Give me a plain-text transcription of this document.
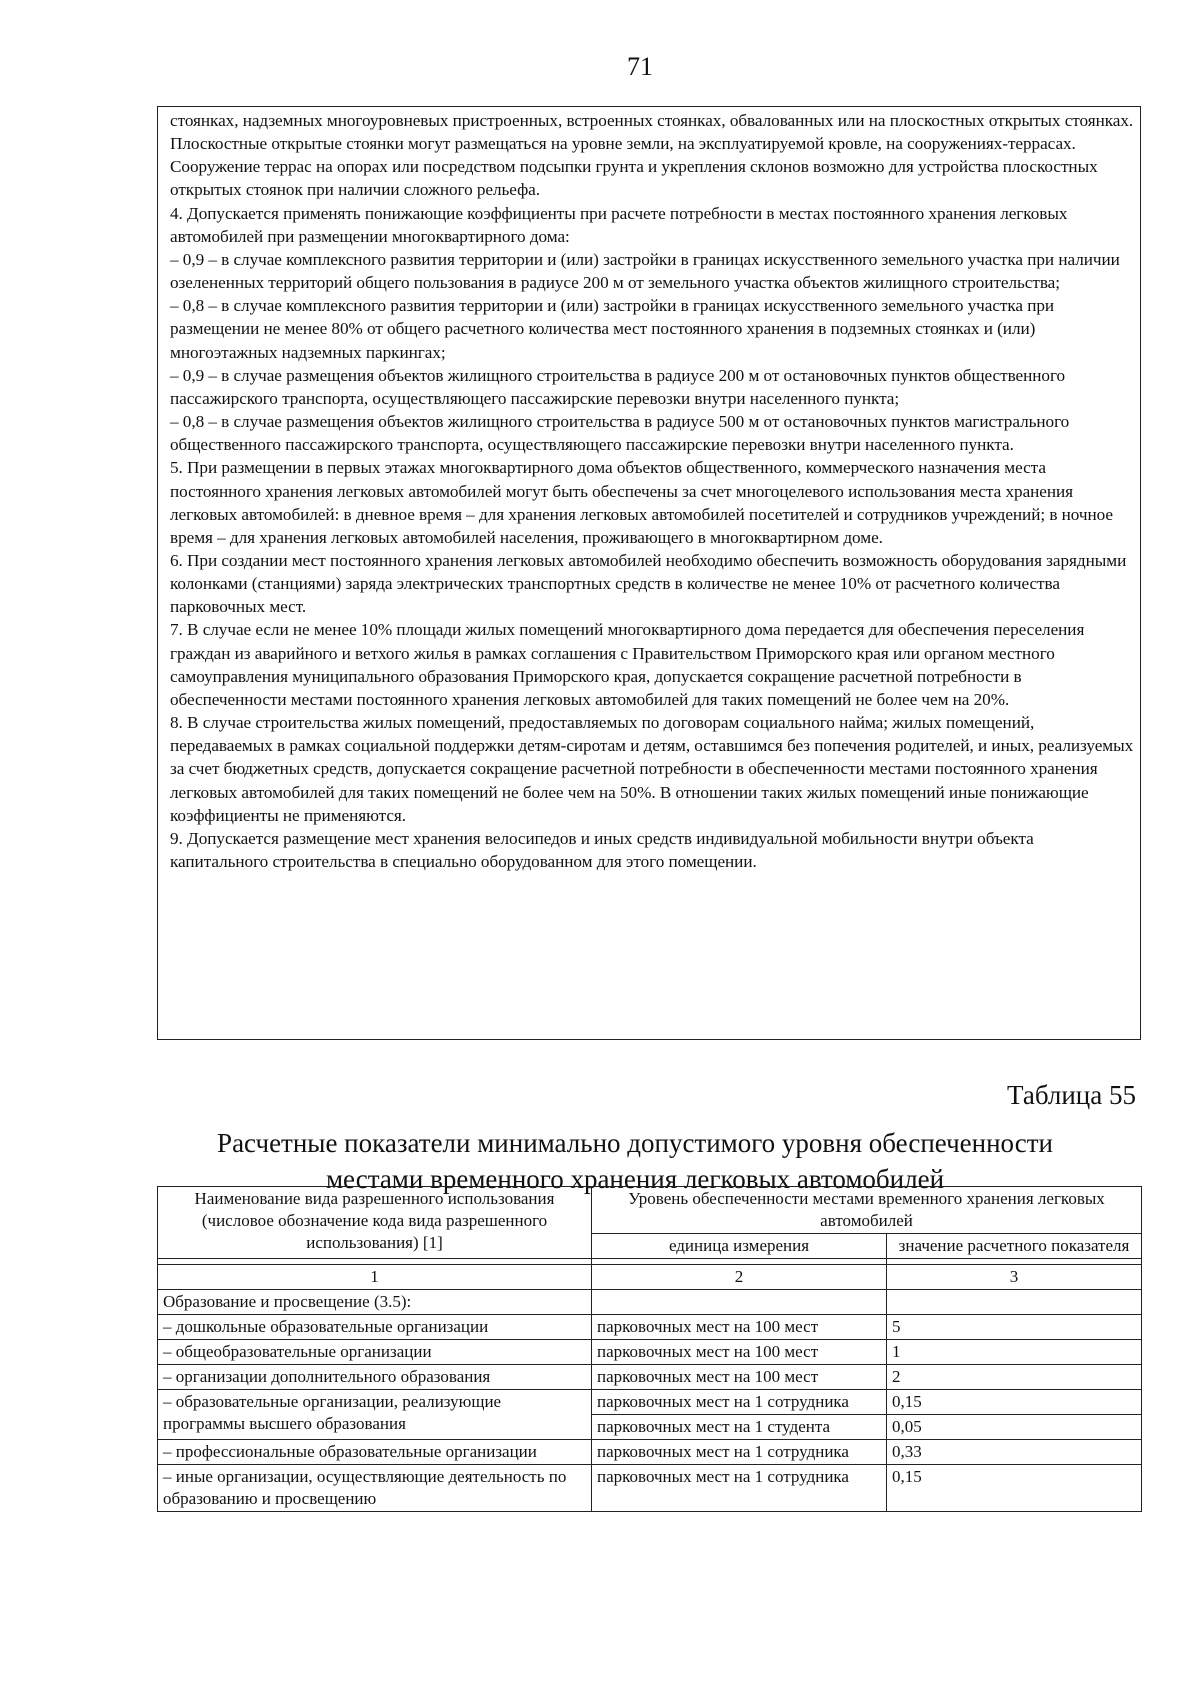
71

стоянках, надземных многоуровневых пристроенных, встроенных стоянках, обвалованных или на плоскостных открытых стоянках.

Плоскостные открытые стоянки могут размещаться на уровне земли, на эксплуатируемой кровле, на сооружениях-террасах. Сооружение террас на опорах или посредством подсыпки грунта и укрепления склонов возможно для устройства плоскостных открытых стоянок при наличии сложного рельефа.

4. Допускается применять понижающие коэффициенты при расчете потребности в местах постоянного хранения легковых автомобилей при размещении многоквартирного дома:

– 0,9 – в случае комплексного развития территории и (или) застройки в границах искусственного земельного участка при наличии озелененных территорий общего пользования в радиусе 200 м от земельного участка объектов жилищного строительства;

– 0,8 – в случае комплексного развития территории и (или) застройки в границах искусственного земельного участка при размещении не менее 80% от общего расчетного количества мест постоянного хранения в подземных стоянках и (или) многоэтажных надземных паркингах;

– 0,9 – в случае размещения объектов жилищного строительства в радиусе 200 м от остановочных пунктов общественного пассажирского транспорта, осуществляющего пассажирские перевозки внутри населенного пункта;

– 0,8 – в случае размещения объектов жилищного строительства в радиусе 500 м от остановочных пунктов магистрального общественного пассажирского транспорта, осуществляющего пассажирские перевозки внутри населенного пункта.

5. При размещении в первых этажах многоквартирного дома объектов общественного, коммерческого назначения места постоянного хранения легковых автомобилей могут быть обеспечены за счет многоцелевого использования места хранения легковых автомобилей: в дневное время – для хранения легковых автомобилей посетителей и сотрудников учреждений; в ночное время – для хранения легковых автомобилей населения, проживающего в многоквартирном доме.

6. При создании мест постоянного хранения легковых автомобилей необходимо обеспечить возможность оборудования зарядными колонками (станциями) заряда электрических транспортных средств в количестве не менее 10% от расчетного количества парковочных мест.

7. В случае если не менее 10% площади жилых помещений многоквартирного дома передается для обеспечения переселения граждан из аварийного и ветхого жилья в рамках соглашения с Правительством Приморского края или органом местного самоуправления муниципального образования Приморского края, допускается сокращение расчетной потребности в обеспеченности местами постоянного хранения легковых автомобилей для таких помещений не более чем на 20%.

8. В случае строительства жилых помещений, предоставляемых по договорам социального найма; жилых помещений, передаваемых в рамках социальной поддержки детям-сиротам и детям, оставшимся без попечения родителей, и иных, реализуемых за счет бюджетных средств, допускается сокращение расчетной потребности в обеспеченности местами постоянного хранения легковых автомобилей для таких помещений не более чем на 50%. В отношении таких жилых помещений иные понижающие коэффициенты не применяются.

9. Допускается размещение мест хранения велосипедов и иных средств индивидуальной мобильности внутри объекта капитального строительства в специально оборудованном для этого помещении.

Таблица 55
Расчетные показатели минимально допустимого уровня обеспеченности
местами временного хранения легковых автомобилей
Наименование вида разрешенного использования (числовое обозначение кода вида разрешенного использования) [1]	Уровень обеспеченности местами временного хранения легковых автомобилей	
	единица измерения	значение расчетного показателя

1	2	3
Образование и просвещение (3.5):		
– дошкольные образовательные организации	парковочных мест на 100 мест	5
– общеобразовательные организации	парковочных мест на 100 мест	1
– организации дополнительного образования	парковочных мест на 100 мест	2
– образовательные организации, реализующие программы высшего образования	парковочных мест на 1 сотрудника	0,15
	парковочных мест на 1 студента	0,05
– профессиональные образовательные организации	парковочных мест на 1 сотрудника	0,33
– иные организации, осуществляющие деятельность по образованию и просвещению	парковочных мест на 1 сотрудника	0,15
